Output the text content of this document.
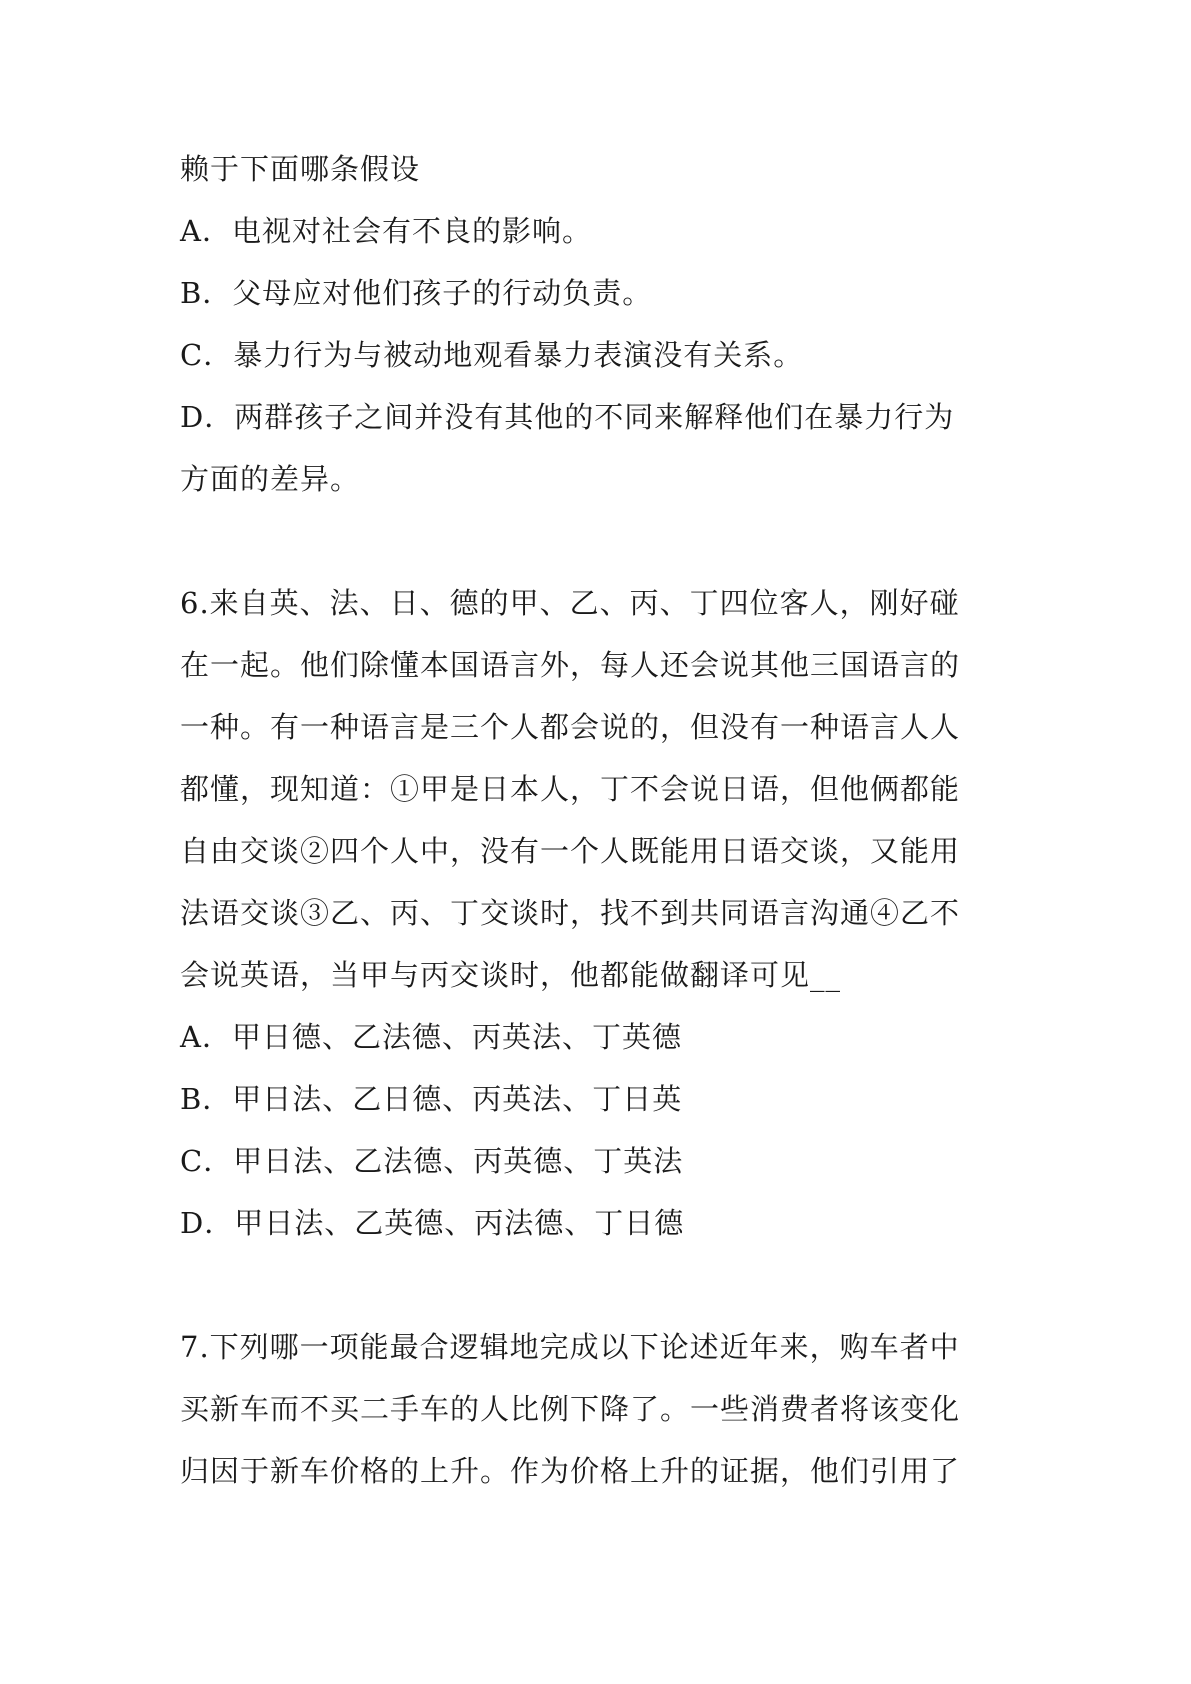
赖于下面哪条假设
A．电视对社会有不良的影响。
B．父母应对他们孩子的行动负责。
C．暴力行为与被动地观看暴力表演没有关系。
D．两群孩子之间并没有其他的不同来解释他们在暴力行为
方面的差异。
6.来自英、法、日、德的甲、乙、丙、丁四位客人，刚好碰
在一起。他们除懂本国语言外，每人还会说其他三国语言的
一种。有一种语言是三个人都会说的，但没有一种语言人人
都懂，现知道：①甲是日本人，丁不会说日语，但他俩都能
自由交谈②四个人中，没有一个人既能用日语交谈，又能用
法语交谈③乙、丙、丁交谈时，找不到共同语言沟通④乙不
会说英语，当甲与丙交谈时，他都能做翻译可见__
A．甲日德、乙法德、丙英法、丁英德
B．甲日法、乙日德、丙英法、丁日英
C．甲日法、乙法德、丙英德、丁英法
D．甲日法、乙英德、丙法德、丁日德
7.下列哪一项能最合逻辑地完成以下论述近年来，购车者中
买新车而不买二手车的人比例下降了。一些消费者将该变化
归因于新车价格的上升。作为价格上升的证据，他们引用了
